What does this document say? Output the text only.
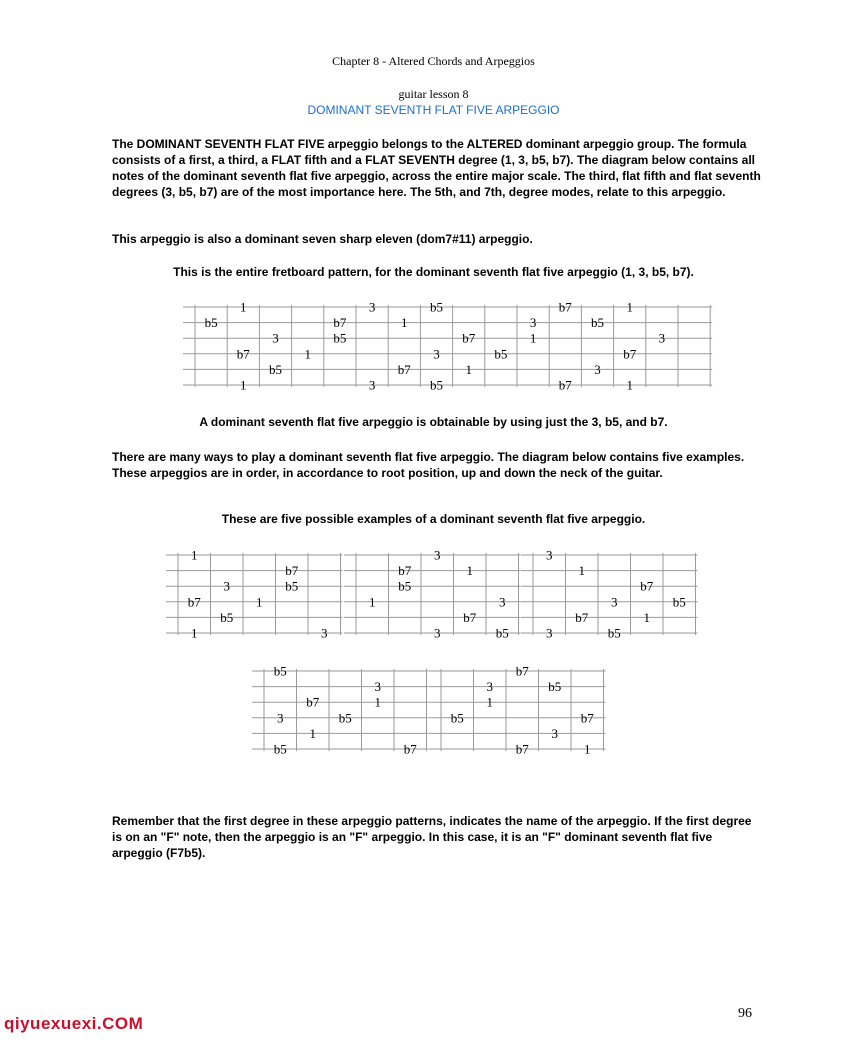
Chapter 8 - Altered Chords and Arpeggios
guitar lesson 8
DOMINANT SEVENTH FLAT FIVE ARPEGGIO
The DOMINANT SEVENTH FLAT FIVE arpeggio belongs to the ALTERED dominant arpeggio group. The formula consists of a first, a third, a FLAT fifth and a FLAT SEVENTH degree (1, 3, b5, b7). The diagram below contains all notes of the dominant seventh flat five arpeggio, across the entire major scale. The third, flat fifth and flat seventh degrees (3, b5, b7) are of the most importance here. The 5th, and 7th, degree modes, relate to this arpeggio.
This arpeggio is also a dominant seven sharp eleven (dom7#11) arpeggio.
This is the entire fretboard pattern, for the dominant seventh flat five arpeggio (1, 3, b5, b7).
1	3	b5	b7	1
b5	b7	1	3	b5
3	b5	b7	1	3
b7	1	3	b5	b7
b5	b7	1	3
1	3	b5	b7	1
1
b7
3	b5
b7	1
b5
1	3
3
b7	1
b5
1	3
b7
3	b5
3
1
b7
3	b5
b7	1
3	b5
b5
3
b7	1
3	b5
1
b5	b7
b7
3	b5
1
b5	b7
3
b7	1
A dominant seventh flat five arpeggio is obtainable by using just the 3, b5, and b7.
There are many ways to play a dominant seventh flat five arpeggio. The diagram below contains five examples. These arpeggios are in order, in accordance to root position, up and down the neck of the guitar.
These are five possible examples of a dominant seventh flat five arpeggio.
Remember that the first degree in these arpeggio patterns, indicates the name of the arpeggio. If the first degree is on an "F" note, then the arpeggio is an "F" arpeggio. In this case, it is an "F" dominant seventh flat five arpeggio (F7b5).
96
qiyuexuexi.COM
